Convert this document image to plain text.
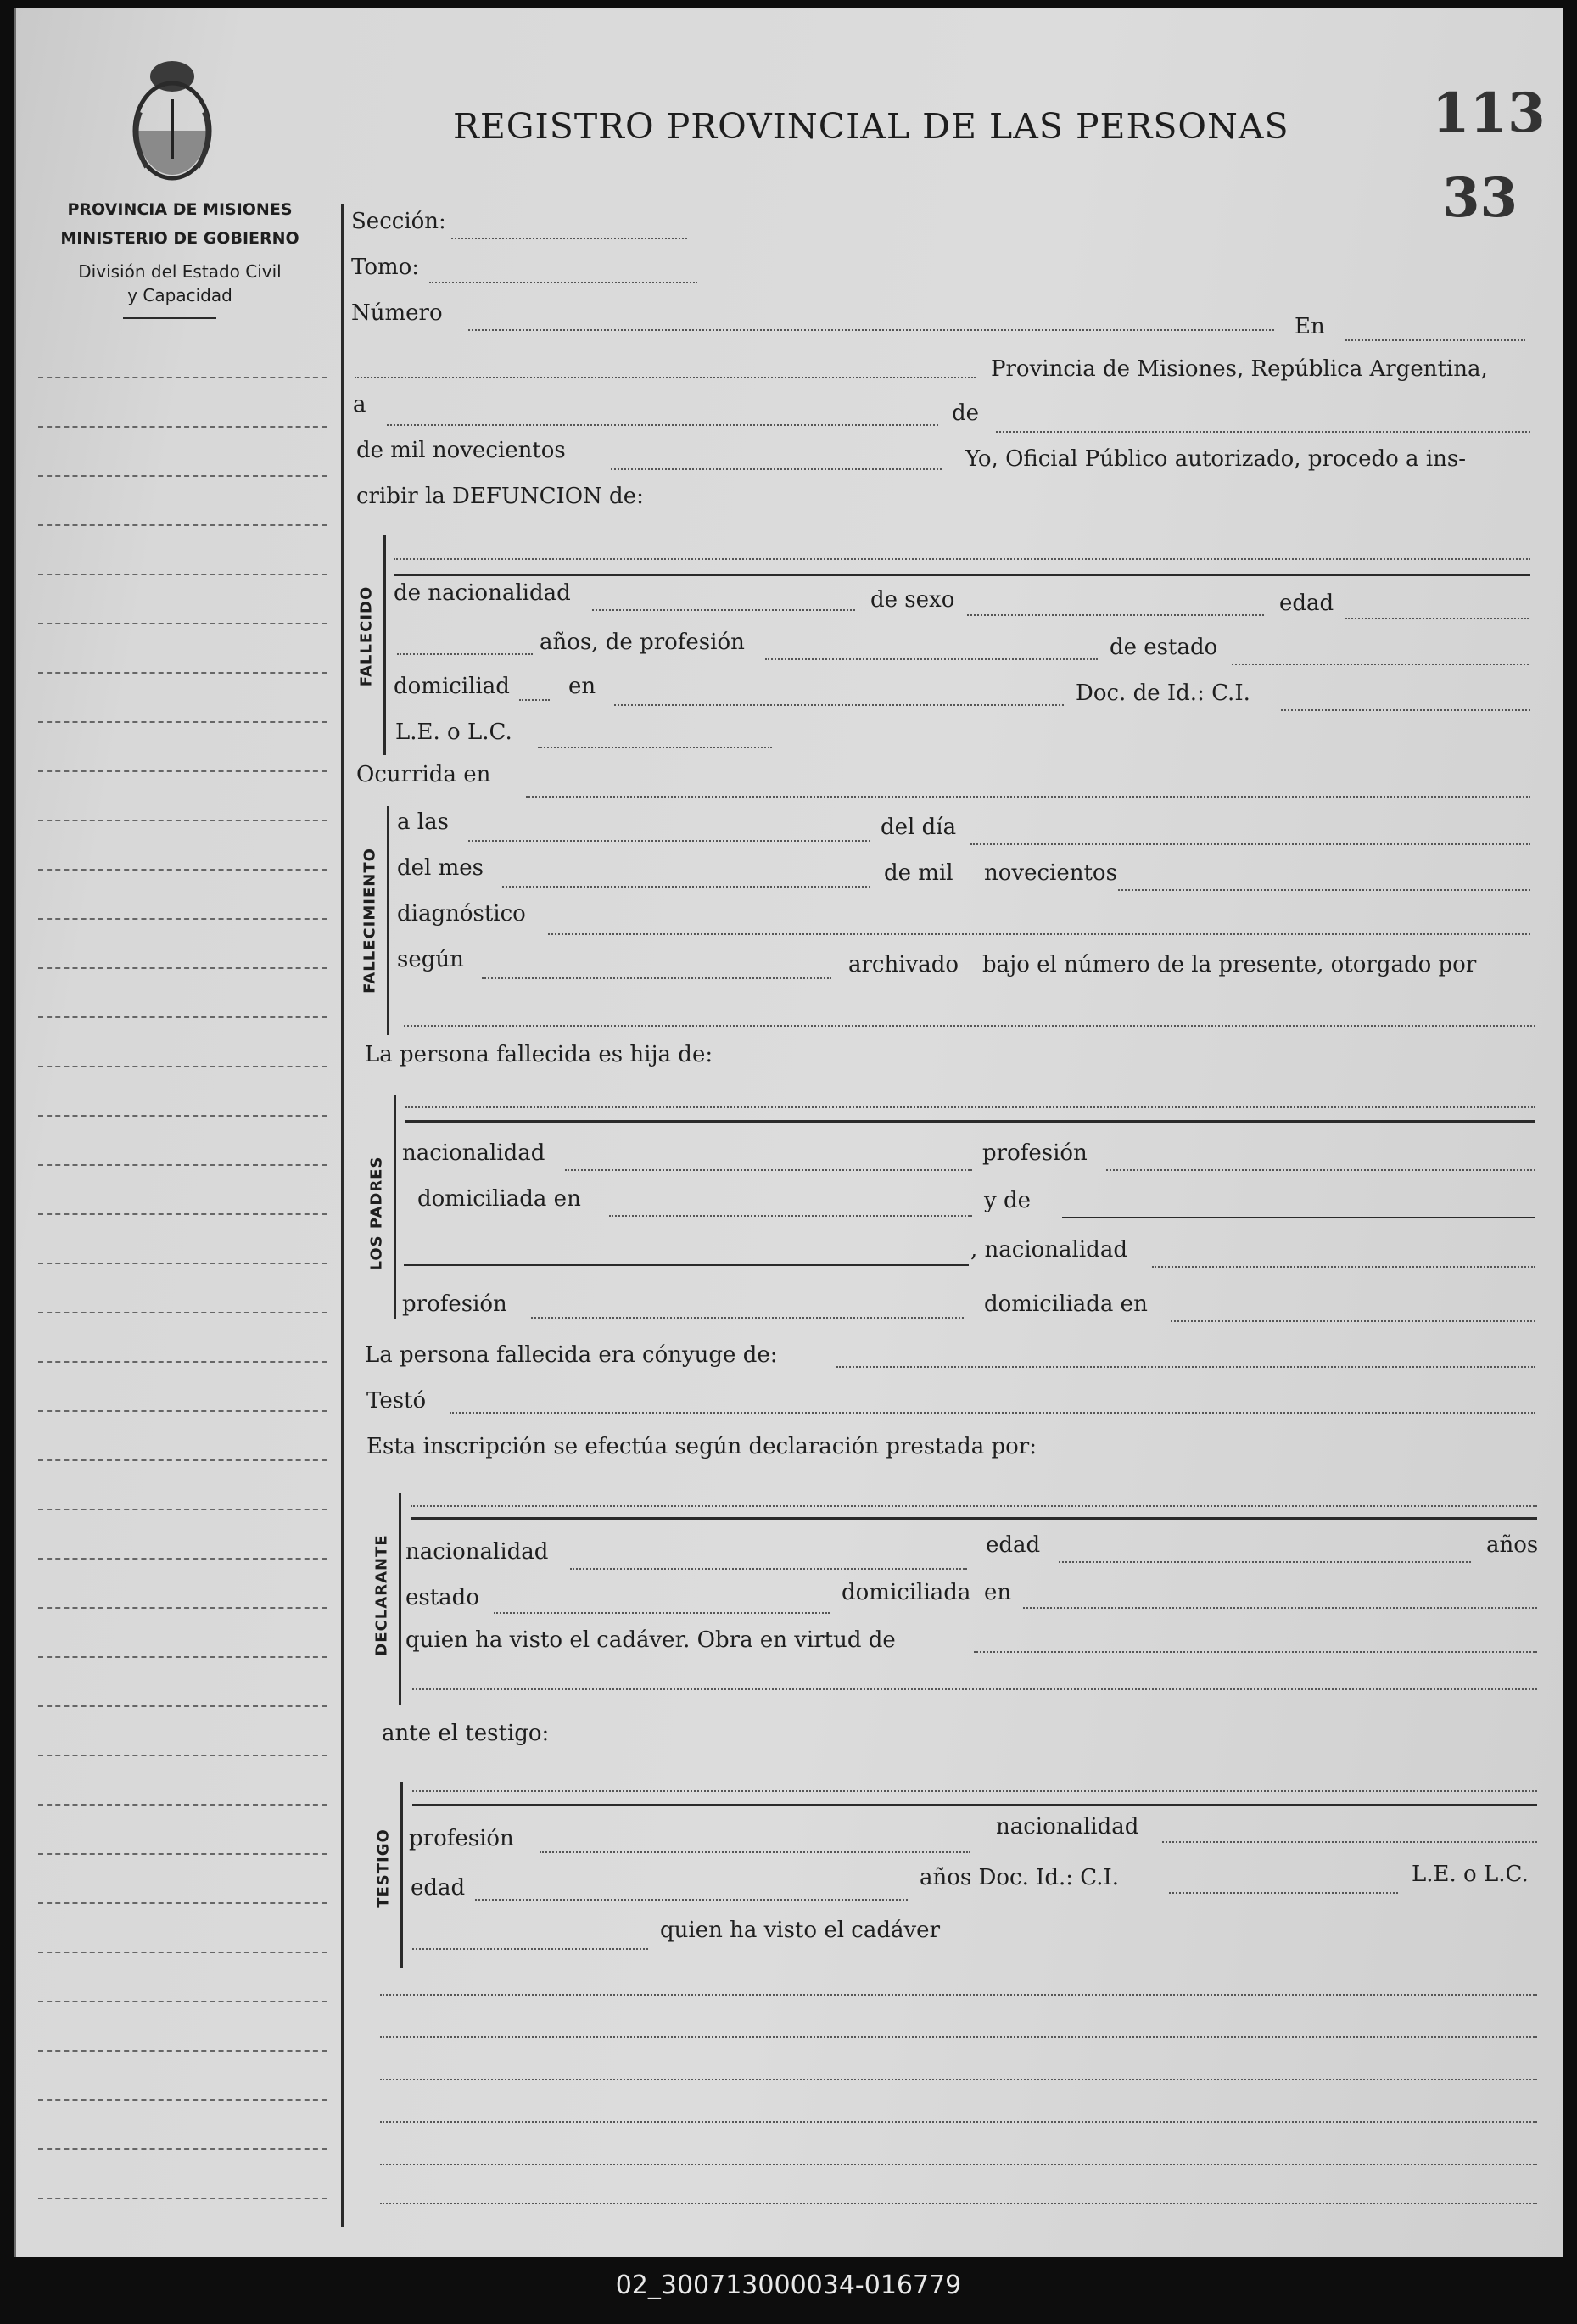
PROVINCIA DE MISIONES
MINISTERIO DE GOBIERNO
División del Estado Civil
y Capacidad
REGISTRO PROVINCIAL DE LAS PERSONAS	113
33
Sección:
Tomo:
Número
En
Provincia de Misiones, República Argentina,
a	de
de mil novecientos	Yo, Oficial Público autorizado, procedo a ins-
cribir la DEFUNCION de:
FALLECIDO de nacionalidad	de sexo	edad
años, de profesión	de estado
domiciliad	en	Doc. de Id.: C.I.
L.E. o L.C.
Ocurrida en
FALLECIMIENTO
a las	del día
del mes	de mil novecientos
diagnóstico
según	archivado bajo el número de la presente, otorgado por
La persona fallecida es hija de:
LOS PADRES
nacionalidad	profesión
domiciliada en	y de
, nacionalidad
profesión	domiciliada en
La persona fallecida era cónyuge de:
Testó
Esta inscripción se efectúa según declaración prestada por:
DECLARANTE nacionalidad	edad	años
estado	domiciliada en
quien ha visto el cadáver. Obra en virtud de
ante el testigo:
TESTIGO profesión	nacionalidad
edad	años Doc. Id.: C.I.	L.E. o L.C.
quien ha visto el cadáver
02_300713000034-016779
